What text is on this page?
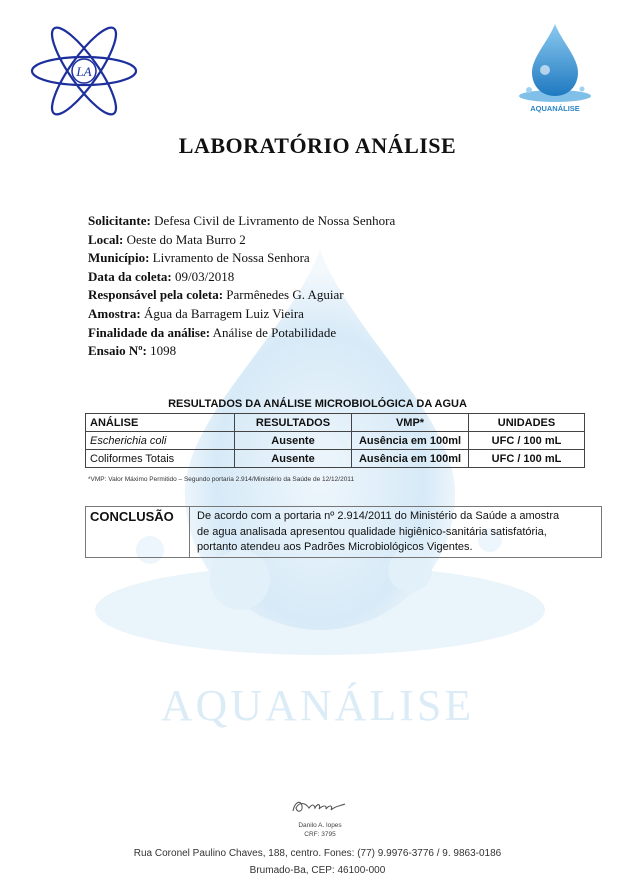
AQUANÁLISE
LA
AQUANÁLISE
LABORATÓRIO ANÁLISE
Solicitante: Defesa Civil de Livramento de Nossa Senhora
Local: Oeste do Mata Burro 2
Município: Livramento de Nossa Senhora
Data da coleta: 09/03/2018
Responsável pela coleta: Parmênedes G. Aguiar
Amostra: Água da Barragem Luiz Vieira
Finalidade da análise: Análise de Potabilidade
Ensaio Nº: 1098
RESULTADOS DA ANÁLISE MICROBIOLÓGICA DA AGUA
ANÁLISE	RESULTADOS	VMP*	UNIDADES
Escherichia coli	Ausente	Ausência em 100ml	UFC / 100 mL
Coliformes Totais	Ausente	Ausência em 100ml	UFC / 100 mL
*VMP: Valor Máximo Permitido – Segundo portaria 2.914/Ministério da Saúde de 12/12/2011
CONCLUSÃO	De acordo com a portaria nº 2.914/2011 do Ministério da Saúde a amostra
de agua analisada apresentou qualidade higiênico-sanitária satisfatória,
portanto atendeu aos Padrões Microbiológicos Vigentes.
Danilo A. lopes
CRF: 3795
Rua Coronel Paulino Chaves, 188, centro. Fones: (77) 9.9976-3776 / 9. 9863-0186
Brumado-Ba, CEP: 46100-000
